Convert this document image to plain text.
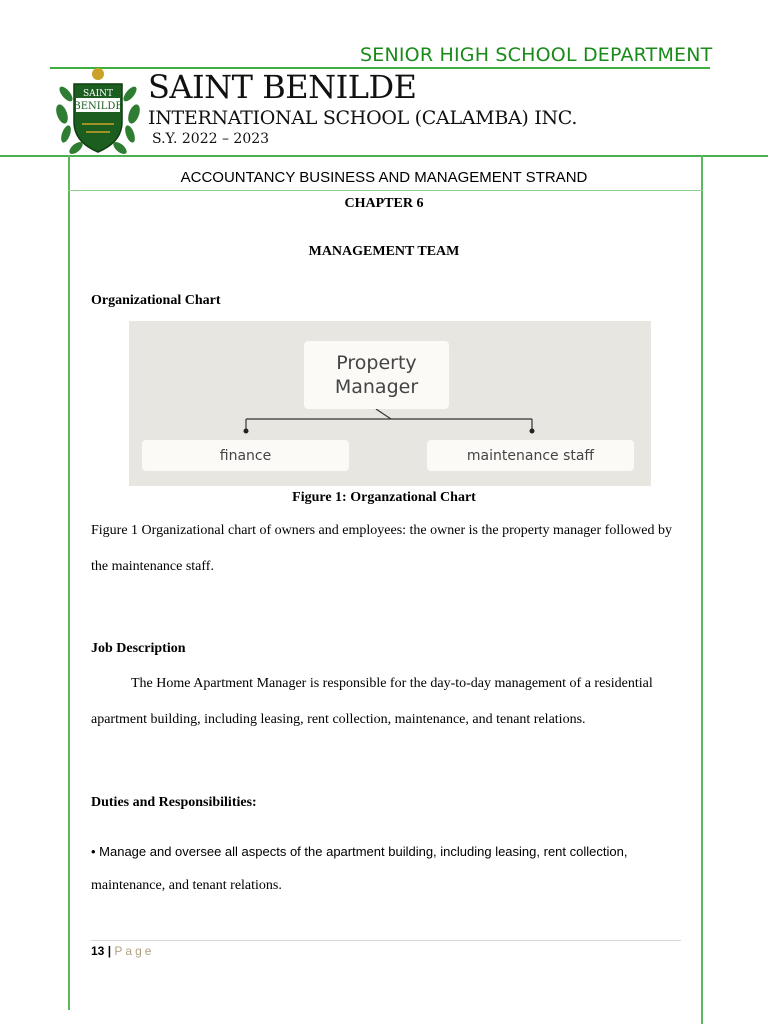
SENIOR HIGH SCHOOL DEPARTMENT
SAINT
BENILDE
SAINT BENILDE
INTERNATIONAL SCHOOL (CALAMBA) INC.
S.Y. 2022 – 2023
ACCOUNTANCY BUSINESS AND MANAGEMENT STRAND
CHAPTER 6
MANAGEMENT TEAM
Organizational Chart
Property
Manager
finance	maintenance staff
Figure 1: Organzational Chart
Figure 1 Organizational chart of owners and employees: the owner is the property manager followed by the maintenance staff.
Job Description
The Home Apartment Manager is responsible for the day-to-day management of a residential apartment building, including leasing, rent collection, maintenance, and tenant relations.
Duties and Responsibilities:
• Manage and oversee all aspects of the apartment building, including leasing, rent collection,
maintenance, and tenant relations.
13 | Page
